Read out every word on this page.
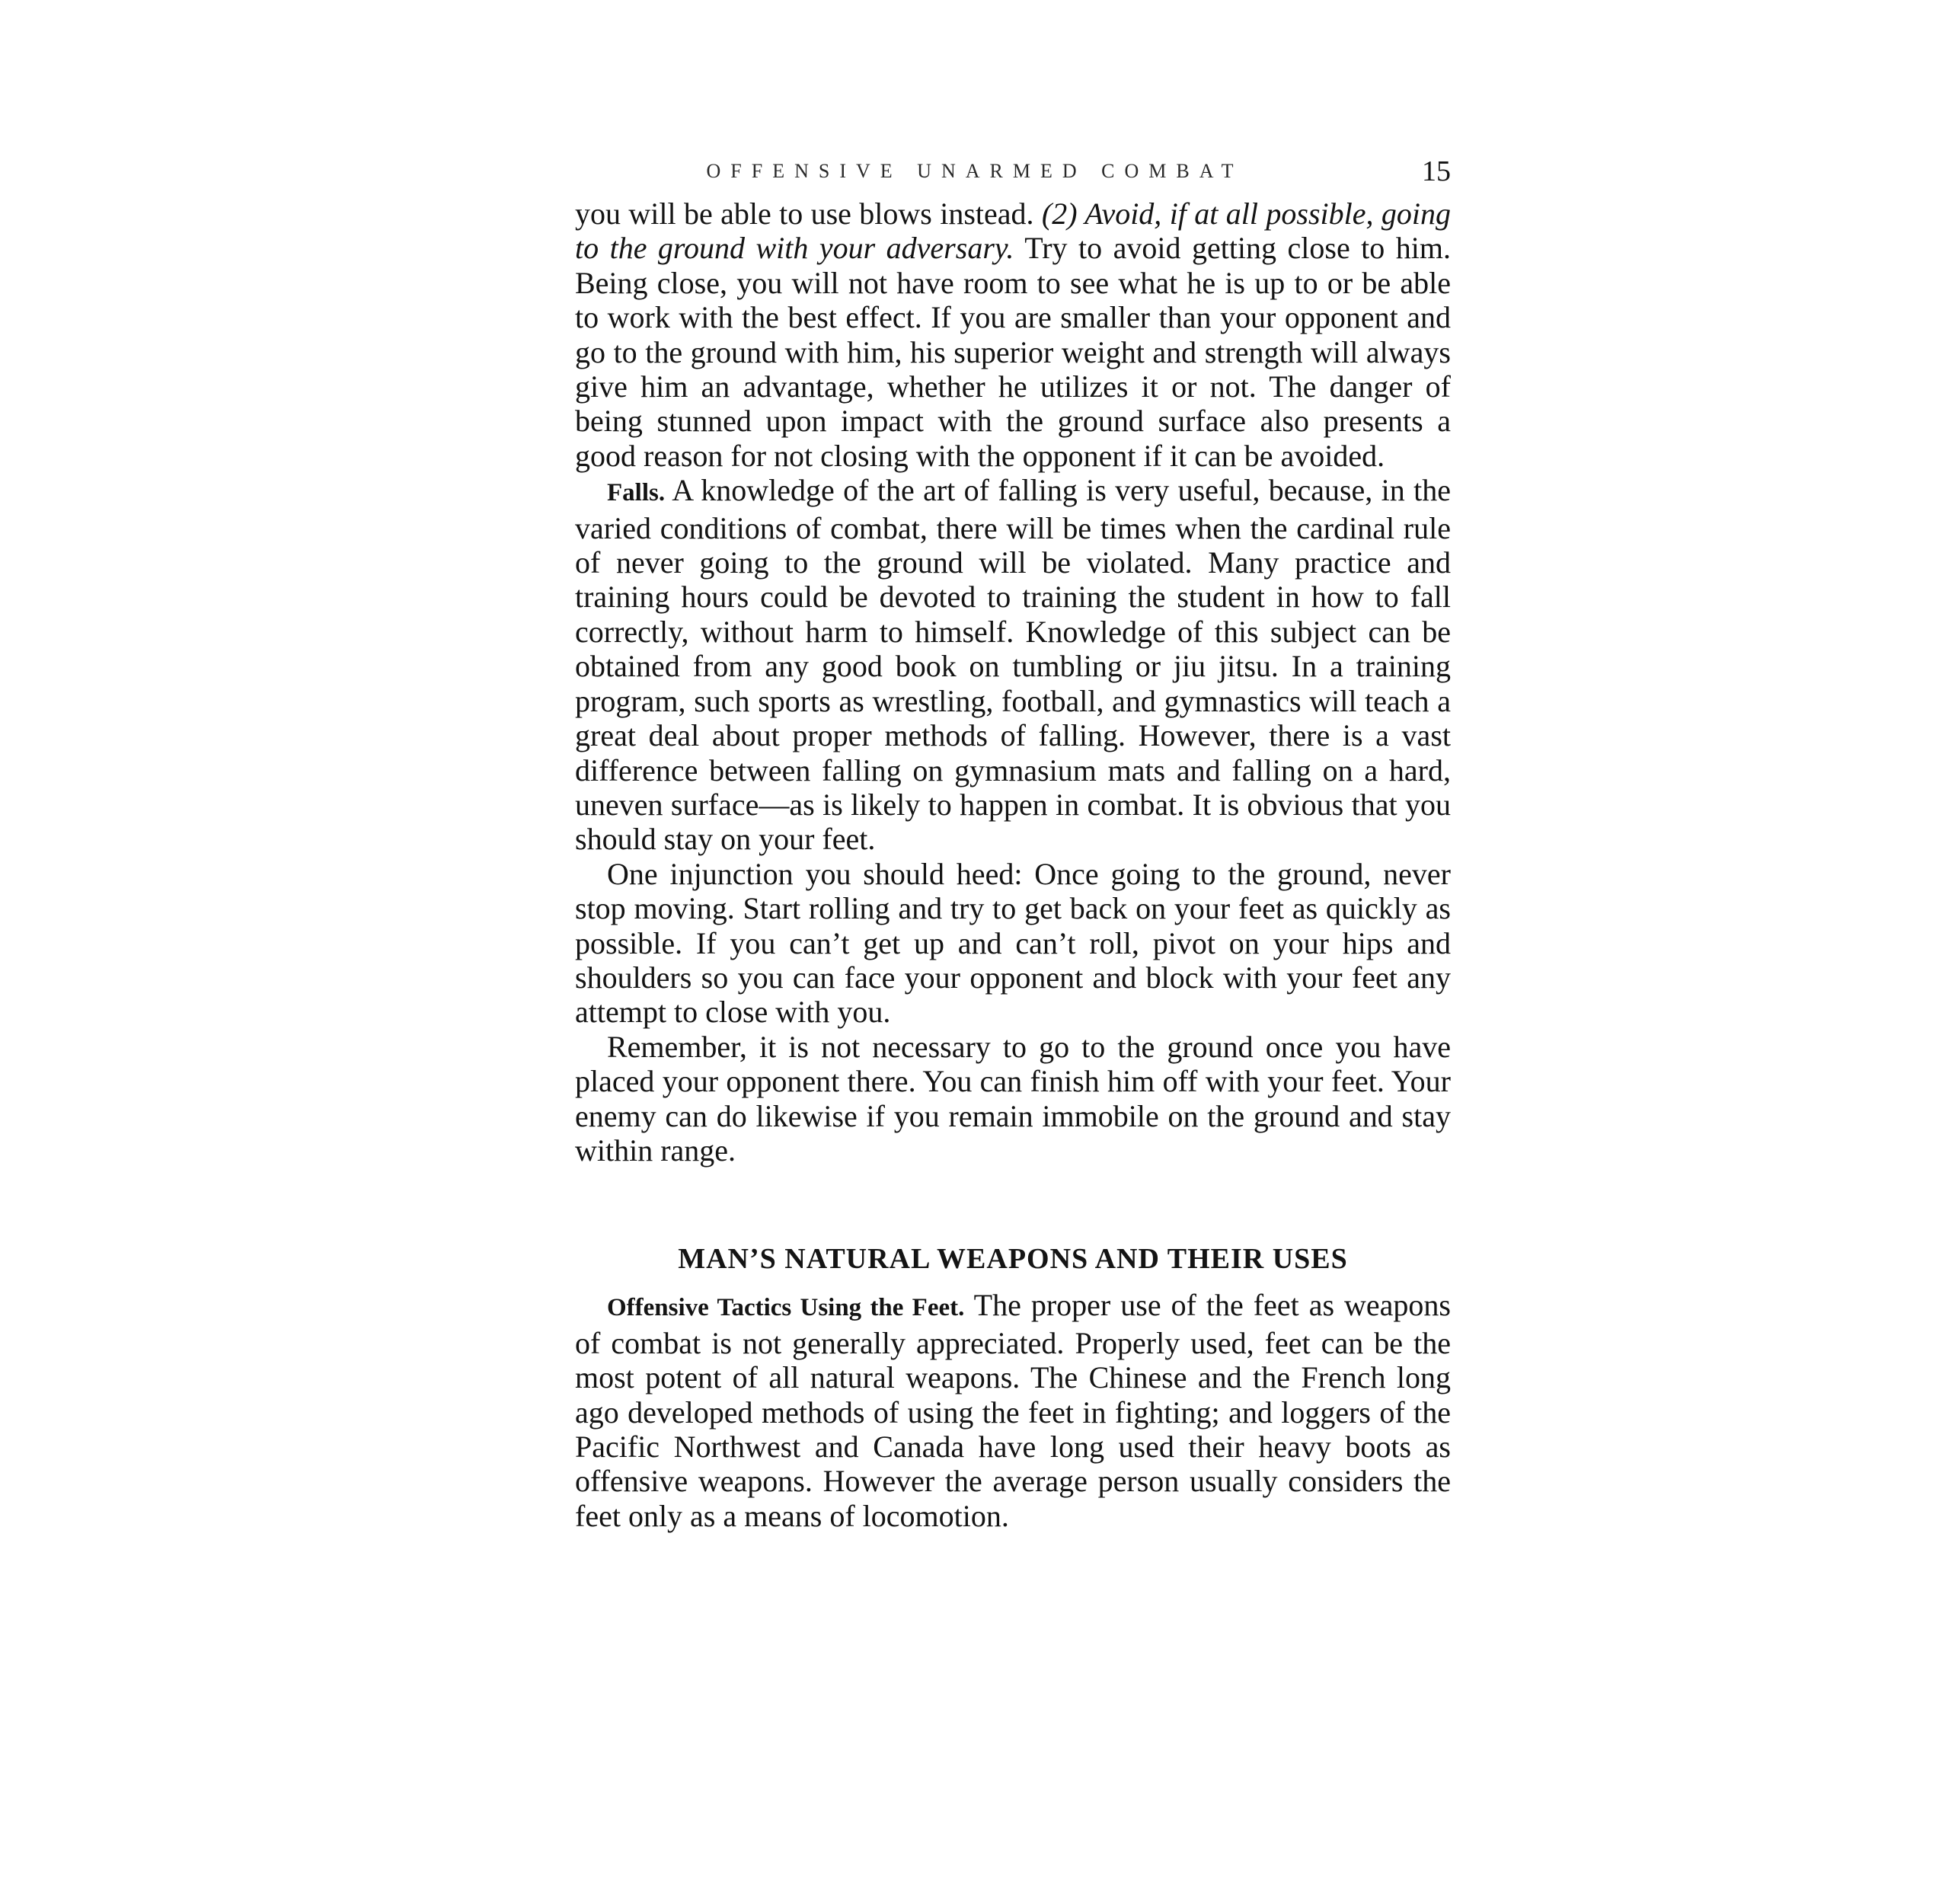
OFFENSIVE UNARMED COMBAT	15

you will be able to use blows instead. (2) Avoid, if at all possible, going to the ground with your adversary. Try to avoid getting close to him. Being close, you will not have room to see what he is up to or be able to work with the best effect. If you are smaller than your opponent and go to the ground with him, his superior weight and strength will always give him an advantage, whether he utilizes it or not. The danger of being stunned upon impact with the ground surface also presents a good reason for not closing with the opponent if it can be avoided.

Falls. A knowledge of the art of falling is very useful, because, in the varied conditions of combat, there will be times when the cardinal rule of never going to the ground will be violated. Many practice and training hours could be devoted to training the student in how to fall correctly, without harm to himself. Knowledge of this subject can be obtained from any good book on tumbling or jiu jitsu. In a training program, such sports as wrestling, football, and gymnastics will teach a great deal about proper methods of falling. However, there is a vast difference between falling on gymnasium mats and falling on a hard, uneven surface—as is likely to happen in combat. It is obvious that you should stay on your feet.

One injunction you should heed: Once going to the ground, never stop moving. Start rolling and try to get back on your feet as quickly as possible. If you can’t get up and can’t roll, pivot on your hips and shoulders so you can face your opponent and block with your feet any attempt to close with you.

Remember, it is not necessary to go to the ground once you have placed your opponent there. You can finish him off with your feet. Your enemy can do likewise if you remain immobile on the ground and stay within range.

MAN’S NATURAL WEAPONS AND THEIR USES

Offensive Tactics Using the Feet. The proper use of the feet as weapons of combat is not generally appreciated. Properly used, feet can be the most potent of all natural weapons. The Chinese and the French long ago developed methods of using the feet in fighting; and loggers of the Pacific Northwest and Canada have long used their heavy boots as offensive weapons. However the average person usually considers the feet only as a means of locomotion.
